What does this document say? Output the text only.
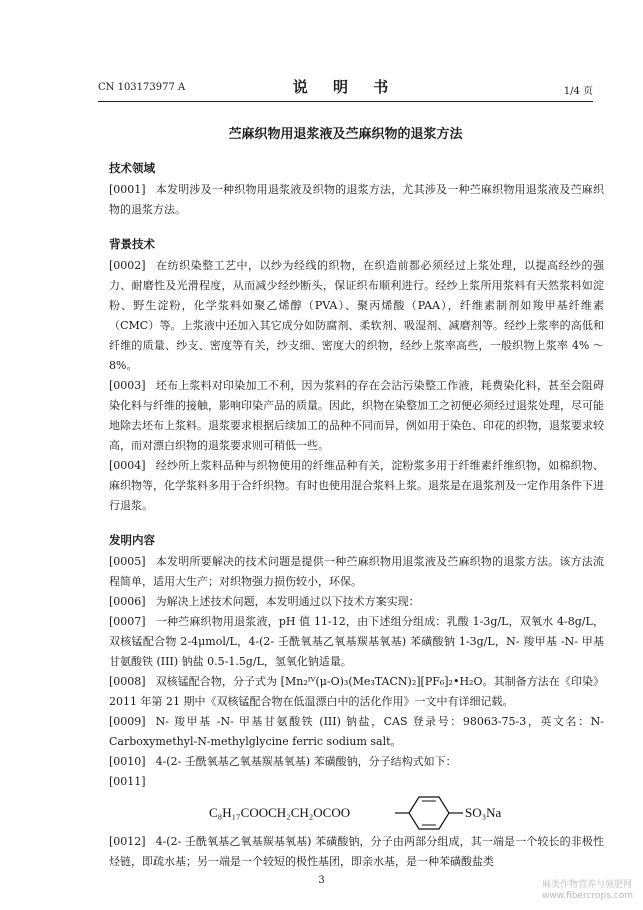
CN 103173977 A	说 明 书	1/4 页
苎麻织物用退浆液及苎麻织物的退浆方法

技术领域

[0001] 本发明涉及一种织物用退浆液及织物的退浆方法，尤其涉及一种苎麻织物用退浆液及苎麻织物的退浆方法。

背景技术

[0002] 在纺织染整工艺中，以纱为经线的织物，在织造前都必须经过上浆处理，以提高经纱的强力、耐磨性及光滑程度，从而减少经纱断头，保证织布顺利进行。经纱上浆所用浆料有天然浆料如淀粉、野生淀粉，化学浆料如聚乙烯醇（PVA）、聚丙烯酸（PAA），纤维素制剂如羧甲基纤维素（CMC）等。上浆液中还加入其它成分如防腐剂、柔软剂、吸湿剂、减磨剂等。经纱上浆率的高低和纤维的质量、纱支、密度等有关，纱支细、密度大的织物，经纱上浆率高些，一般织物上浆率 4% ～ 8%。

[0003] 坯布上浆料对印染加工不利，因为浆料的存在会沾污染整工作液，耗费染化料，甚至会阻碍染化料与纤维的接触，影响印染产品的质量。因此，织物在染整加工之初便必须经过退浆处理，尽可能地除去坯布上浆料。退浆要求根据后续加工的品种不同而异，例如用于染色、印花的织物，退浆要求较高，而对漂白织物的退浆要求则可稍低一些。

[0004] 经纱所上浆料品种与织物使用的纤维品种有关，淀粉浆多用于纤维素纤维织物，如棉织物、麻织物等，化学浆料多用于合纤织物。有时也使用混合浆料上浆。退浆是在退浆剂及一定作用条件下进行退浆。

发明内容

[0005] 本发明所要解决的技术问题是提供一种苎麻织物用退浆液及苎麻织物的退浆方法。该方法流程简单，适用大生产；对织物强力损伤较小，环保。

[0006] 为解决上述技术问题，本发明通过以下技术方案实现：

[0007] 一种苎麻织物用退浆液，pH 值 11-12，由下述组分组成：乳酸 1-3g/L，双氧水 4-8g/L，双核锰配合物 2-4μmol/L，4-(2- 壬酰氧基乙氧基羰基氧基) 苯磺酸钠 1-3g/L，N- 羧甲基 -N- 甲基甘氨酸铁 (III) 钠盐 0.5-1.5g/L，氢氧化钠适量。

[0008] 双核锰配合物，分子式为 [Mn₂ᴵⱽ(μ-O)₃(Me₃TACN)₂][PF₆]₂•H₂O。其制备方法在《印染》2011 年第 21 期中《双核锰配合物在低温漂白中的活化作用》一文中有详细记载。

[0009] N- 羧甲基 -N- 甲基甘氨酸铁 (III) 钠盐，CAS 登录号：98063-75-3，英文名：N-Carboxymethyl-N-methylglycine ferric sodium salt。

[0010] 4-(2- 壬酰氧基乙氧基羰基氧基) 苯磺酸钠，分子结构式如下：

[0011]

C₈H₁₇COOCH₂CH₂OCOO	SO₃Na

[0012] 4-(2- 壬酰氧基乙氧基羰基氧基) 苯磺酸钠，分子由两部分组成，其一端是一个较长的非极性烃链，即疏水基；另一端是一个较短的极性基团，即亲水基，是一种苯磺酸盐类

3	麻类作物营养与施肥网
www.fibercrops.com
